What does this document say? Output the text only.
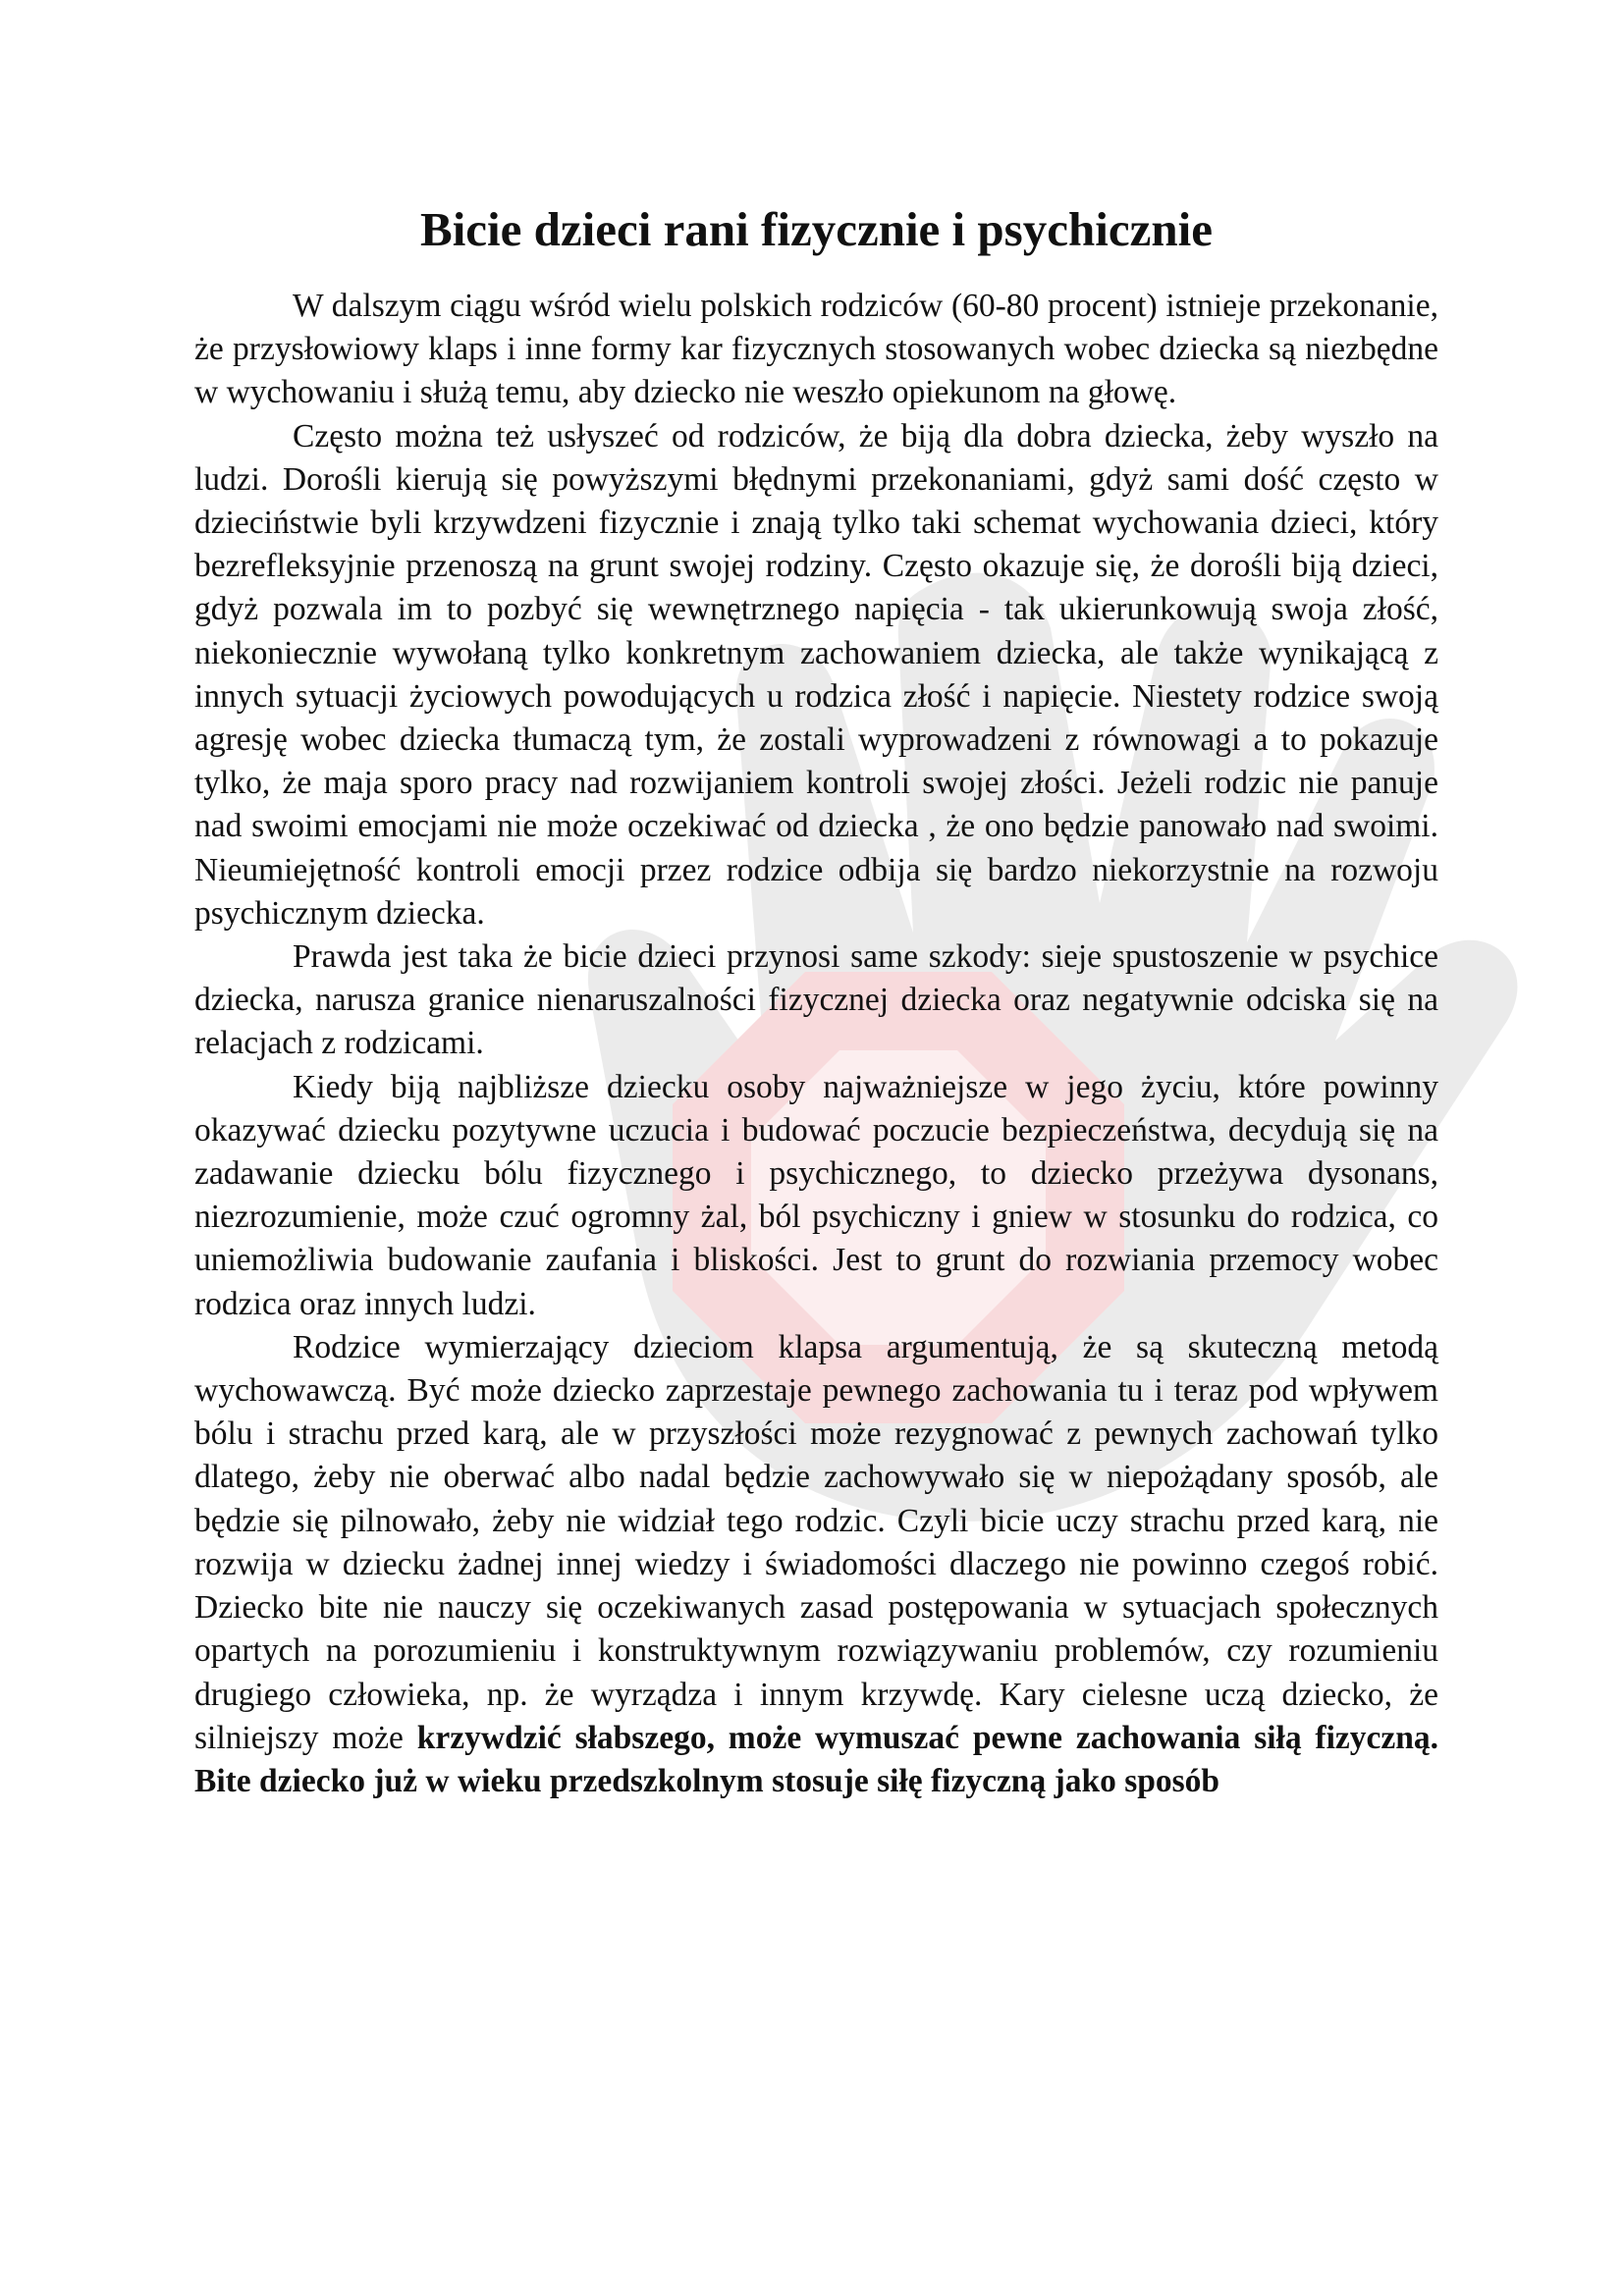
Bicie dzieci rani fizycznie i psychicznie

W dalszym ciągu wśród wielu polskich rodziców (60-80 procent) istnieje przekonanie, że przysłowiowy klaps i inne formy kar fizycznych stosowanych wobec dziecka są niezbędne w wychowaniu i służą temu, aby dziecko nie weszło opiekunom na głowę.

Często można też usłyszeć od rodziców, że biją dla dobra dziecka, żeby wyszło na ludzi. Dorośli kierują się powyższymi błędnymi przekonaniami, gdyż sami dość często w dzieciństwie byli krzywdzeni fizycznie i znają tylko taki schemat wychowania dzieci, który bezrefleksyjnie przenoszą na grunt swojej rodziny. Często okazuje się, że dorośli biją dzieci, gdyż pozwala im to pozbyć się wewnętrznego napięcia - tak ukierunkowują swoja złość, niekoniecznie wywołaną tylko konkretnym zachowaniem dziecka, ale także wynikającą z innych sytuacji życiowych powodujących u rodzica złość i napięcie. Niestety rodzice swoją agresję wobec dziecka tłumaczą tym, że zostali wyprowadzeni z równowagi a to pokazuje tylko, że maja sporo pracy nad rozwijaniem kontroli swojej złości. Jeżeli rodzic nie panuje nad swoimi emocjami nie może oczekiwać od dziecka , że ono będzie panowało nad swoimi. Nieumiejętność kontroli emocji przez rodzice odbija się bardzo niekorzystnie na rozwoju psychicznym dziecka.

Prawda jest taka że bicie dzieci przynosi same szkody: sieje spustoszenie w psychice dziecka, narusza granice nienaruszalności fizycznej dziecka oraz negatywnie odciska się na relacjach z rodzicami.

Kiedy biją najbliższe dziecku osoby najważniejsze w jego życiu, które powinny okazywać dziecku pozytywne uczucia i budować poczucie bezpieczeństwa, decydują się na zadawanie dziecku bólu fizycznego i psychicznego, to dziecko przeżywa dysonans, niezrozumienie, może czuć ogromny żal, ból psychiczny i gniew w stosunku do rodzica, co uniemożliwia budowanie zaufania i bliskości. Jest to grunt do rozwiania przemocy wobec rodzica oraz innych ludzi.

Rodzice wymierzający dzieciom klapsa argumentują, że są skuteczną metodą wychowawczą. Być może dziecko zaprzestaje pewnego zachowania tu i teraz pod wpływem bólu i strachu przed karą, ale w przyszłości może rezygnować z pewnych zachowań tylko dlatego, żeby nie oberwać albo nadal będzie zachowywało się w niepożądany sposób, ale będzie się pilnowało, żeby nie widział tego rodzic. Czyli bicie uczy strachu przed karą, nie rozwija w dziecku żadnej innej wiedzy i świadomości dlaczego nie powinno czegoś robić. Dziecko bite nie nauczy się oczekiwanych zasad postępowania w sytuacjach społecznych opartych na porozumieniu i konstruktywnym rozwiązywaniu problemów, czy rozumieniu drugiego człowieka, np. że wyrządza i innym krzywdę. Kary cielesne uczą dziecko, że silniejszy może krzywdzić słabszego, może wymuszać pewne zachowania siłą fizyczną. Bite dziecko już w wieku przedszkolnym stosuje siłę fizyczną jako sposób
